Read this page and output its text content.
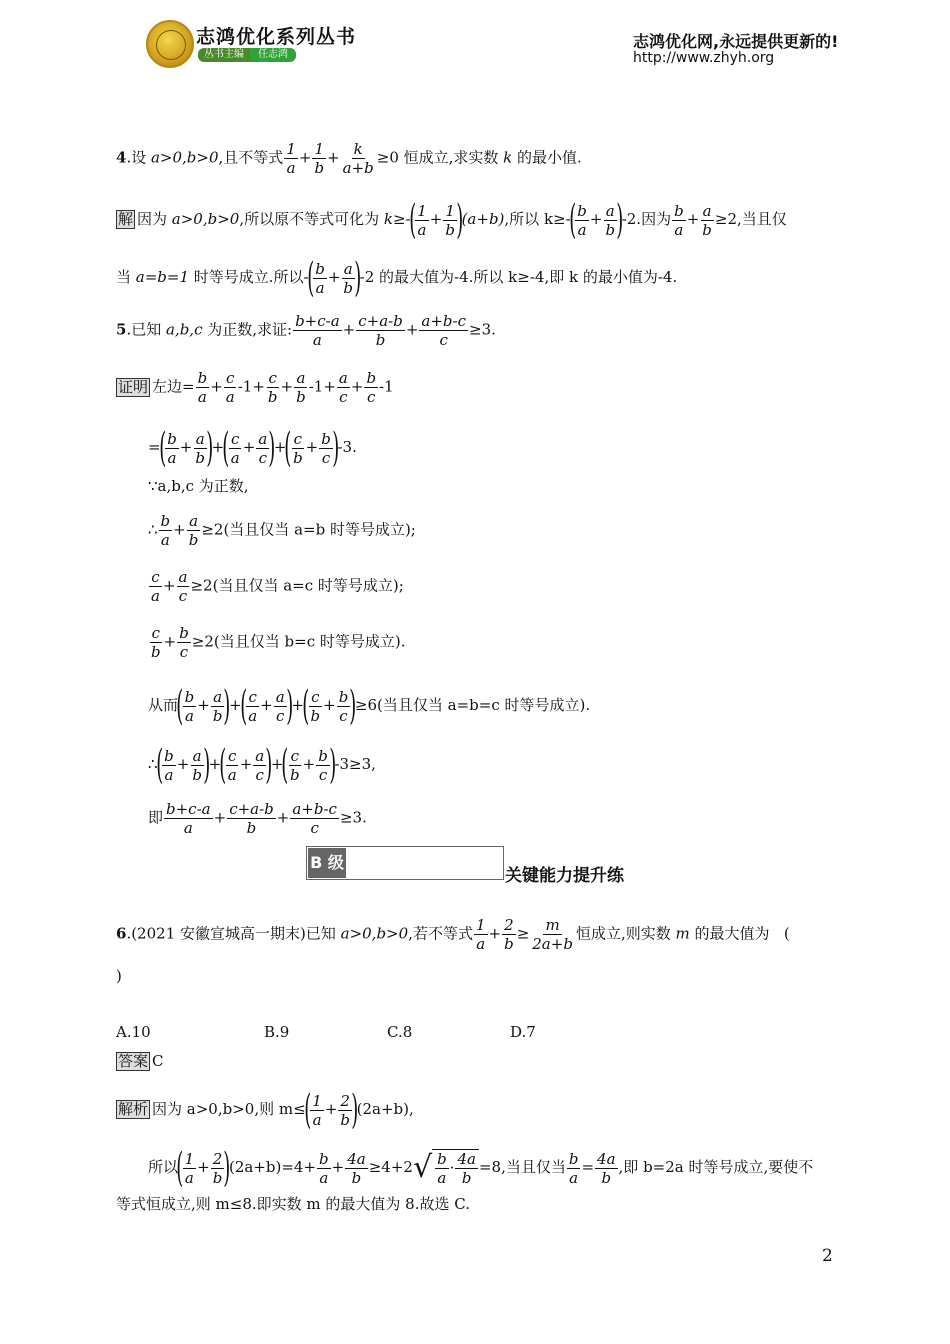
志鸿优化系列丛书
丛书主编	任志鸿
志鸿优化网,永远提供更新的!
http://www.zhyh.org
4.设 a>0,b>0,且不等式 $\frac{1}{a} + \frac{1}{b} + \frac{k}{a+b} \ge 0$ 恒成立,求实数 k 的最小值.
解 因为 a>0,b>0,所以原不等式可化为 $k\ge-( \frac{1}{a} + \frac{1}{b} )(a+b)$,所以 $k\ge-( \frac{b}{a} + \frac{a}{b} )-2$.因为 $\frac{b}{a} + \frac{a}{b} \ge 2$,当且仅
当 a=b=1 时等号成立.所以-( $\frac{b}{a} + \frac{a}{b} )-2$ 的最大值为-4.所以 k≥-4,即 k 的最小值为-4.
5.已知 a,b,c 为正数,求证: $\frac{b+c-a}{a} + \frac{c+a-b}{b} + \frac{a+b-c}{c} \ge 3$.
证明 左边= $\frac{b}{a} + \frac{c}{a} -1+ \frac{c}{b} + \frac{a}{b} -1+ \frac{a}{c} + \frac{b}{c} -1$
=( $\frac{b}{a} + \frac{a}{b}$ )+( $\frac{c}{a} + \frac{a}{c}$ )+( $\frac{c}{b} + \frac{b}{c} )-3$.
∵a,b,c 为正数,
∴ $\frac{b}{a} + \frac{a}{b} \ge 2$(当且仅当 a=b 时等号成立);
$\frac{c}{a} + \frac{a}{c} \ge 2$(当且仅当 a=c 时等号成立);
$\frac{c}{b} + \frac{b}{c} \ge 2$(当且仅当 b=c 时等号成立).
从而( $\frac{b}{a} + \frac{a}{b}$ )+( $\frac{c}{a} + \frac{a}{c}$ )+( $\frac{c}{b} + \frac{b}{c} )\ge 6$(当且仅当 a=b=c 时等号成立).
∴( $\frac{b}{a} + \frac{a}{b}$ )+( $\frac{c}{a} + \frac{a}{c}$ )+( $\frac{c}{b} + \frac{b}{c} )-3\ge 3$,
即 $\frac{b+c-a}{a} + \frac{c+a-b}{b} + \frac{a+b-c}{c} \ge 3$.
B 级
关键能力提升练
6.(2021 安徽宣城高一期末)已知 a>0,b>0,若不等式 $\frac{1}{a} + \frac{2}{b} \ge \frac{m}{2a+b}$ 恒成立,则实数 m 的最大值为 (
)
A.10	B.9	C.8	D.7
答案 C
解析 因为 a>0,b>0,则 $m\le( \frac{1}{a} + \frac{2}{b} )(2a+b)$,
所以( $\frac{1}{a} + \frac{2}{b} )(2a+b)=4+ \frac{b}{a} + \frac{4a}{b} \ge 4+2√ \frac{b}{a} \cdot \frac{4a}{b} =8$,当且仅当 $\frac{b}{a} = \frac{4a}{b}$ ,即 b=2a 时等号成立,要使不
等式恒成立,则 m≤8.即实数 m 的最大值为 8.故选 C.
2
